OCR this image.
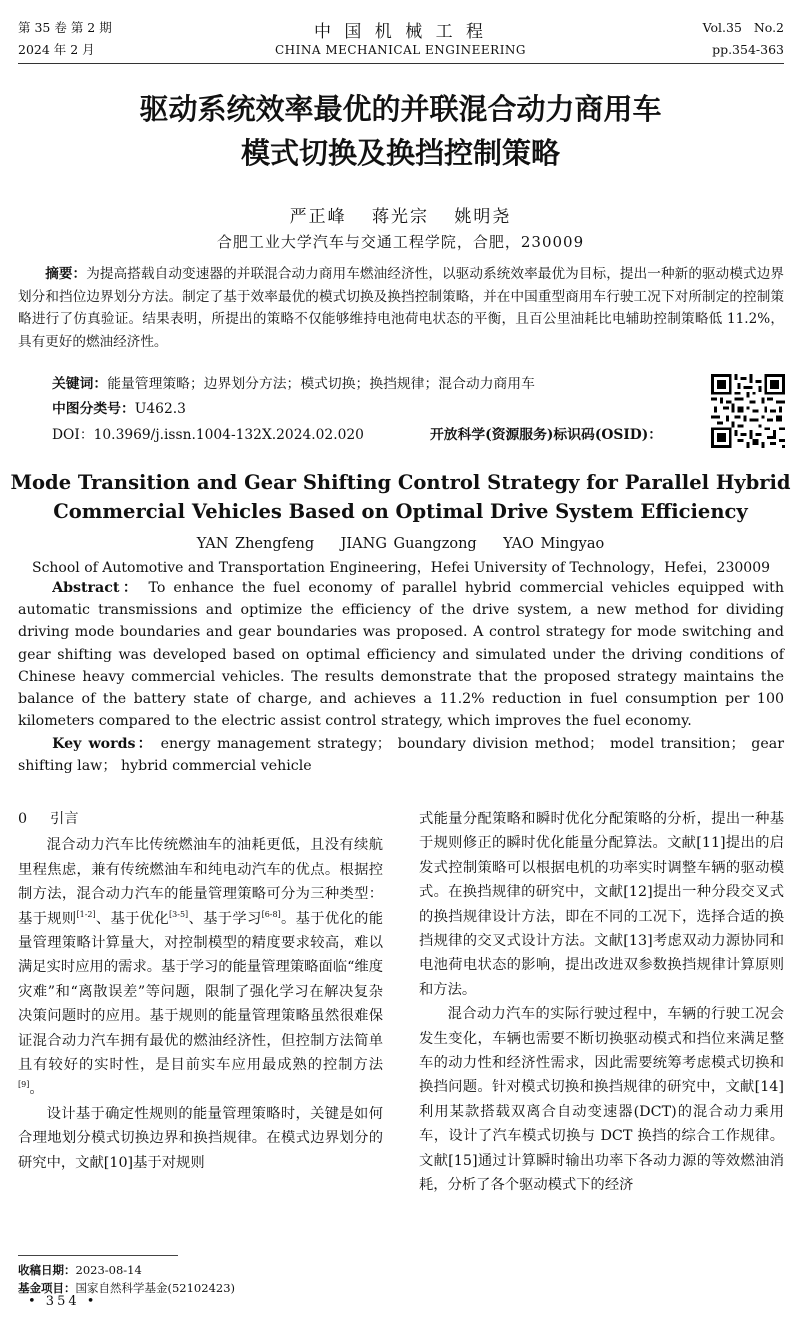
第 35 卷 第 2 期
2024 年 2 月
中 国 机 械 工 程
CHINA MECHANICAL ENGINEERING
Vol.35   No.2
pp.354-363
驱动系统效率最优的并联混合动力商用车
模式切换及换挡控制策略
严正峰 蒋光宗 姚明尧
合肥工业大学汽车与交通工程学院，合肥，230009
摘要：为提高搭载自动变速器的并联混合动力商用车燃油经济性，以驱动系统效率最优为目标，提出一种新的驱动模式边界划分和挡位边界划分方法。制定了基于效率最优的模式切换及换挡控制策略，并在中国重型商用车行驶工况下对所制定的控制策略进行了仿真验证。结果表明，所提出的策略不仅能够维持电池荷电状态的平衡，且百公里油耗比电辅助控制策略低 11.2%，具有更好的燃油经济性。
关键词：能量管理策略；边界划分方法；模式切换；换挡规律；混合动力商用车
中图分类号：U462.3
DOI：10.3969/j.issn.1004-132X.2024.02.020	开放科学(资源服务)标识码(OSID)：
Mode Transition and Gear Shifting Control Strategy for Parallel Hybrid
Commercial Vehicles Based on Optimal Drive System Efficiency
YAN Zhengfeng    JIANG Guangzong    YAO Mingyao
School of Automotive and Transportation Engineering，Hefei University of Technology，Hefei，230009
Abstract： To enhance the fuel economy of parallel hybrid commercial vehicles equipped with automatic transmissions and optimize the efficiency of the drive system, a new method for dividing driving mode boundaries and gear boundaries was proposed. A control strategy for mode switching and gear shifting was developed based on optimal efficiency and simulated under the driving conditions of Chinese heavy commercial vehicles. The results demonstrate that the proposed strategy maintains the balance of the battery state of charge, and achieves a 11.2% reduction in fuel consumption per 100 kilometers compared to the electric assist control strategy, which improves the fuel economy.
Key words： energy management strategy； boundary division method； model transition； gear shifting law； hybrid commercial vehicle

0 引言

混合动力汽车比传统燃油车的油耗更低，且没有续航里程焦虑，兼有传统燃油车和纯电动汽车的优点。根据控制方法，混合动力汽车的能量管理策略可分为三种类型：基于规则[1-2]、基于优化[3-5]、基于学习[6-8]。基于优化的能量管理策略计算量大，对控制模型的精度要求较高，难以满足实时应用的需求。基于学习的能量管理策略面临“维度灾难”和“离散误差”等问题，限制了强化学习在解决复杂决策问题时的应用。基于规则的能量管理策略虽然很难保证混合动力汽车拥有最优的燃油经济性，但控制方法简单且有较好的实时性，是目前实车应用最成熟的控制方法[9]。

设计基于确定性规则的能量管理策略时，关键是如何合理地划分模式切换边界和换挡规律。在模式边界划分的研究中，文献[10]基于对规则

式能量分配策略和瞬时优化分配策略的分析，提出一种基于规则修正的瞬时优化能量分配算法。文献[11]提出的启发式控制策略可以根据电机的功率实时调整车辆的驱动模式。在换挡规律的研究中，文献[12]提出一种分段交叉式的换挡规律设计方法，即在不同的工况下，选择合适的换挡规律的交叉式设计方法。文献[13]考虑双动力源协同和电池荷电状态的影响，提出改进双参数换挡规律计算原则和方法。

混合动力汽车的实际行驶过程中，车辆的行驶工况会发生变化，车辆也需要不断切换驱动模式和挡位来满足整车的动力性和经济性需求，因此需要统筹考虑模式切换和换挡问题。针对模式切换和换挡规律的研究中，文献[14]利用某款搭载双离合自动变速器(DCT)的混合动力乘用车，设计了汽车模式切换与 DCT 换挡的综合工作规律。文献[15]通过计算瞬时输出功率下各动力源的等效燃油消耗，分析了各个驱动模式下的经济

收稿日期：2023-08-14
基金项目：国家自然科学基金(52102423)
• 354 •
